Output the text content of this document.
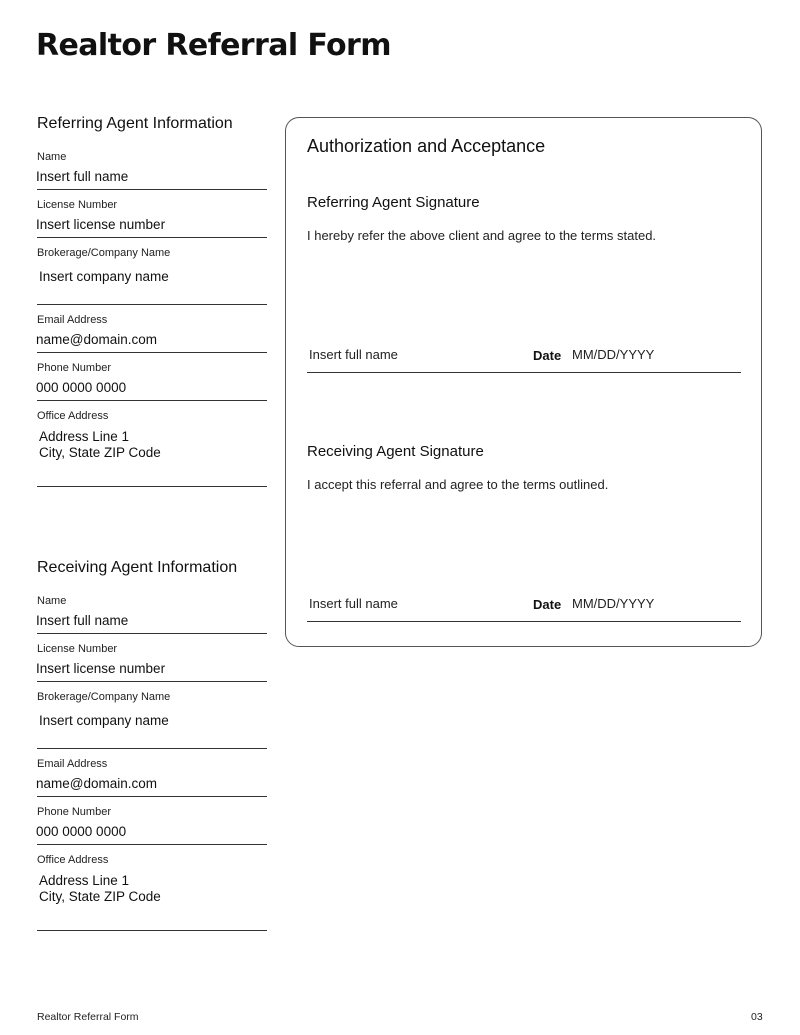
Realtor Referral Form
Referring Agent Information
Name
Insert full name
License Number
Insert license number
Brokerage/Company Name
Insert company name
Email Address
name@domain.com
Phone Number
000 0000 0000
Office Address
Address Line 1
City, State ZIP Code
Receiving Agent Information
Name
Insert full name
License Number
Insert license number
Brokerage/Company Name
Insert company name
Email Address
name@domain.com
Phone Number
000 0000 0000
Office Address
Address Line 1
City, State ZIP Code
Authorization and Acceptance
Referring Agent Signature
I hereby refer the above client and agree to the terms stated.
Insert full name	Date MM/DD/YYYY
Receiving Agent Signature
I accept this referral and agree to the terms outlined.
Insert full name	Date MM/DD/YYYY
Realtor Referral Form	03
